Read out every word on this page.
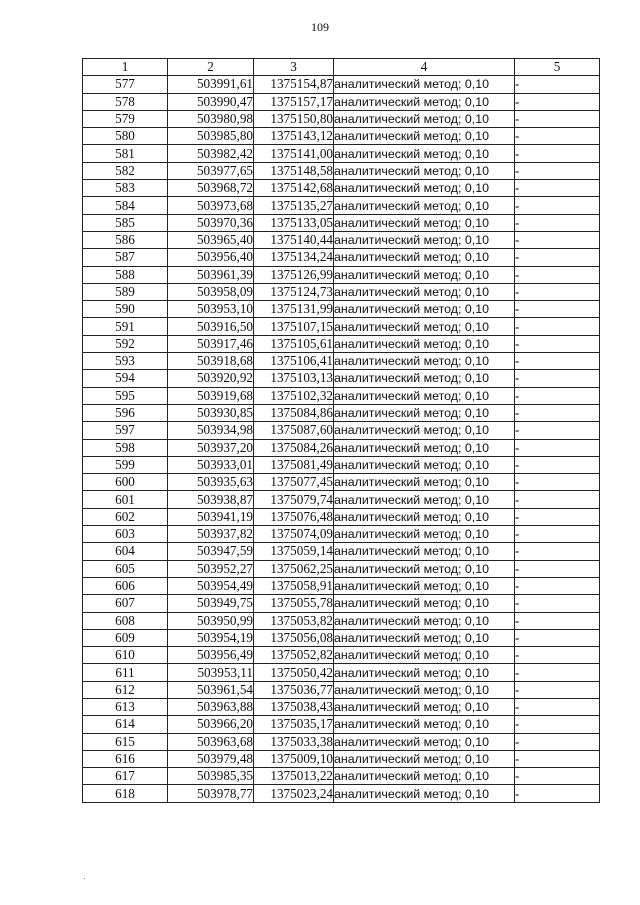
109
1	2	3	4	5
577	503991,61	1375154,87	аналитический метод; 0,10	-
578	503990,47	1375157,17	аналитический метод; 0,10	-
579	503980,98	1375150,80	аналитический метод; 0,10	-
580	503985,80	1375143,12	аналитический метод; 0,10	-
581	503982,42	1375141,00	аналитический метод; 0,10	-
582	503977,65	1375148,58	аналитический метод; 0,10	-
583	503968,72	1375142,68	аналитический метод; 0,10	-
584	503973,68	1375135,27	аналитический метод; 0,10	-
585	503970,36	1375133,05	аналитический метод; 0,10	-
586	503965,40	1375140,44	аналитический метод; 0,10	-
587	503956,40	1375134,24	аналитический метод; 0,10	-
588	503961,39	1375126,99	аналитический метод; 0,10	-
589	503958,09	1375124,73	аналитический метод; 0,10	-
590	503953,10	1375131,99	аналитический метод; 0,10	-
591	503916,50	1375107,15	аналитический метод; 0,10	-
592	503917,46	1375105,61	аналитический метод; 0,10	-
593	503918,68	1375106,41	аналитический метод; 0,10	-
594	503920,92	1375103,13	аналитический метод; 0,10	-
595	503919,68	1375102,32	аналитический метод; 0,10	-
596	503930,85	1375084,86	аналитический метод; 0,10	-
597	503934,98	1375087,60	аналитический метод; 0,10	-
598	503937,20	1375084,26	аналитический метод; 0,10	-
599	503933,01	1375081,49	аналитический метод; 0,10	-
600	503935,63	1375077,45	аналитический метод; 0,10	-
601	503938,87	1375079,74	аналитический метод; 0,10	-
602	503941,19	1375076,48	аналитический метод; 0,10	-
603	503937,82	1375074,09	аналитический метод; 0,10	-
604	503947,59	1375059,14	аналитический метод; 0,10	-
605	503952,27	1375062,25	аналитический метод; 0,10	-
606	503954,49	1375058,91	аналитический метод; 0,10	-
607	503949,75	1375055,78	аналитический метод; 0,10	-
608	503950,99	1375053,82	аналитический метод; 0,10	-
609	503954,19	1375056,08	аналитический метод; 0,10	-
610	503956,49	1375052,82	аналитический метод; 0,10	-
611	503953,11	1375050,42	аналитический метод; 0,10	-
612	503961,54	1375036,77	аналитический метод; 0,10	-
613	503963,88	1375038,43	аналитический метод; 0,10	-
614	503966,20	1375035,17	аналитический метод; 0,10	-
615	503963,68	1375033,38	аналитический метод; 0,10	-
616	503979,48	1375009,10	аналитический метод; 0,10	-
617	503985,35	1375013,22	аналитический метод; 0,10	-
618	503978,77	1375023,24	аналитический метод; 0,10	-
